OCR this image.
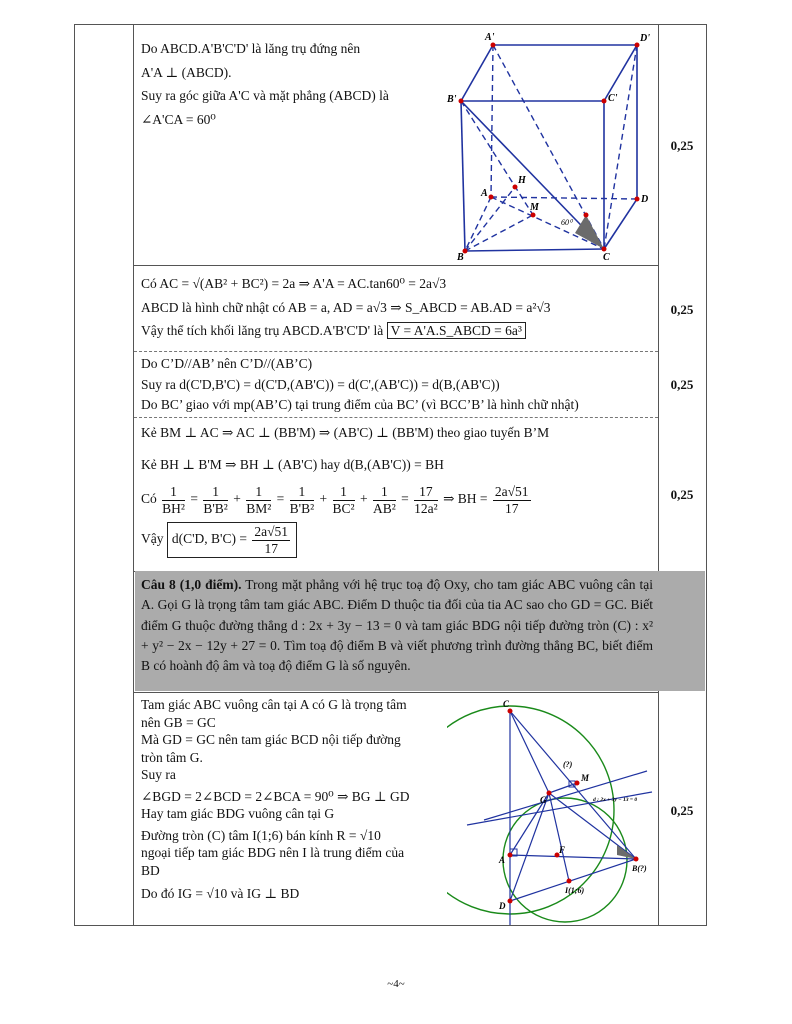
Do ABCD.A'B'C'D' là lăng trụ đứng nên

A'A ⊥ (ABCD).

Suy ra góc giữa A'C và mặt phẳng (ABCD) là

∠A'CA = 60⁰

0,25
A'	D'
B'	C'
H
A
M
D
B	C
60⁰

Có AC = √(AB² + BC²) = 2a ⇒ A'A = AC.tan60⁰ = 2a√3

ABCD là hình chữ nhật có AB = a, AD = a√3 ⇒ S_ABCD = AB.AD = a²√3

Vậy thể tích khối lăng trụ ABCD.A'B'C'D' là V = A'A.S_ABCD = 6a³

0,25

Do C’D//AB’ nên C’D//(AB’C)

Suy ra d(C'D,B'C) = d(C'D,(AB'C)) = d(C',(AB'C)) = d(B,(AB'C))

Do BC’ giao với mp(AB’C) tại trung điểm của BC’ (vì BCC’B’ là hình chữ nhật)

0,25

Kẻ BM ⊥ AC ⇒ AC ⊥ (BB'M) ⇒ (AB'C) ⊥ (BB'M) theo giao tuyến B’M

Kẻ BH ⊥ B'M ⇒ BH ⊥ (AB'C) hay d(B,(AB'C)) = BH

Có $\frac{1}{\text{BH²}} = \frac{1}{\text{B'B²}} + \frac{1}{\text{BM²}} = \frac{1}{\text{B'B²}} + \frac{1}{\text{BC²}} + \frac{1}{\text{AB²}} = \frac{17}{\text{12a²}}$ ⇒ BH = $\frac{2a√51}{17}$

Vậy d(C'D, $B'C) = \frac{2a√51}{17}$

0,25
Câu 8 (1,0 điểm). Trong mặt phẳng với hệ trục toạ độ Oxy, cho tam giác ABC vuông cân tại A. Gọi G là trọng tâm tam giác ABC. Điểm D thuộc tia đối của tia AC sao cho GD = GC. Biết điểm G thuộc đường thẳng d : 2x + 3y − 13 = 0 và tam giác BDG nội tiếp đường tròn (C) : x² + y² − 2x − 12y + 27 = 0. Tìm toạ độ điểm B và viết phương trình đường thẳng BC, biết điểm B có hoành độ âm và toạ độ điểm G là số nguyên.
Tam giác ABC vuông cân tại A có G là trọng tâm
nên GB = GC
Mà GD = GC nên tam giác BCD nội tiếp đường
tròn tâm G.
Suy ra
∠BGD = 2∠BCD = 2∠BCA = 90⁰ ⇒ BG ⊥ GD
Hay tam giác BDG vuông cân tại G
Đường tròn (C) tâm I(1;6) bán kính R = √10
ngoại tiếp tam giác BDG nên I là trung điểm của
BD
Do đó IG = √10 và IG ⊥ BD
0,25
C
(?)
M
d : 2x + 3y − 13 = 0
G
A
F
B(?)
I(1;6)
D
~4~
